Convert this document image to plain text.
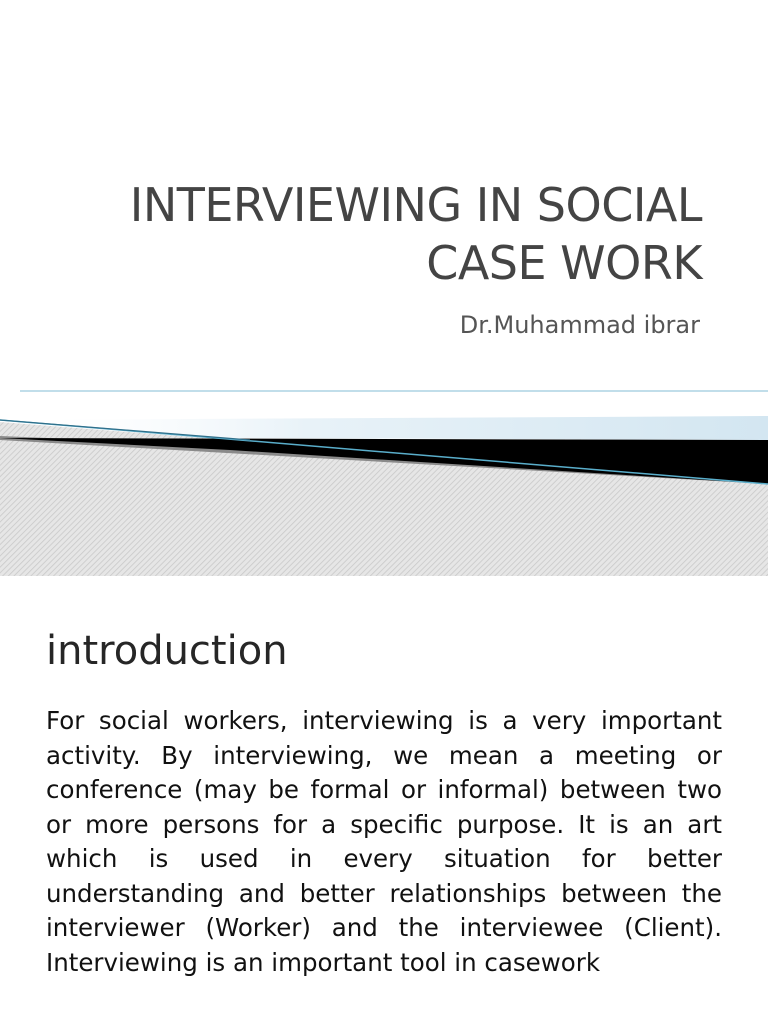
INTERVIEWING IN SOCIAL CASE WORK
Dr.Muhammad ibrar
introduction

For social workers, interviewing is a very important activity. By interviewing, we mean a meeting or conference (may be formal or informal) between two or more persons for a specific purpose. It is an art which is used in every situation for better understanding and better relationships between the interviewer (Worker) and the interviewee (Client). Interviewing is an important tool in casework
